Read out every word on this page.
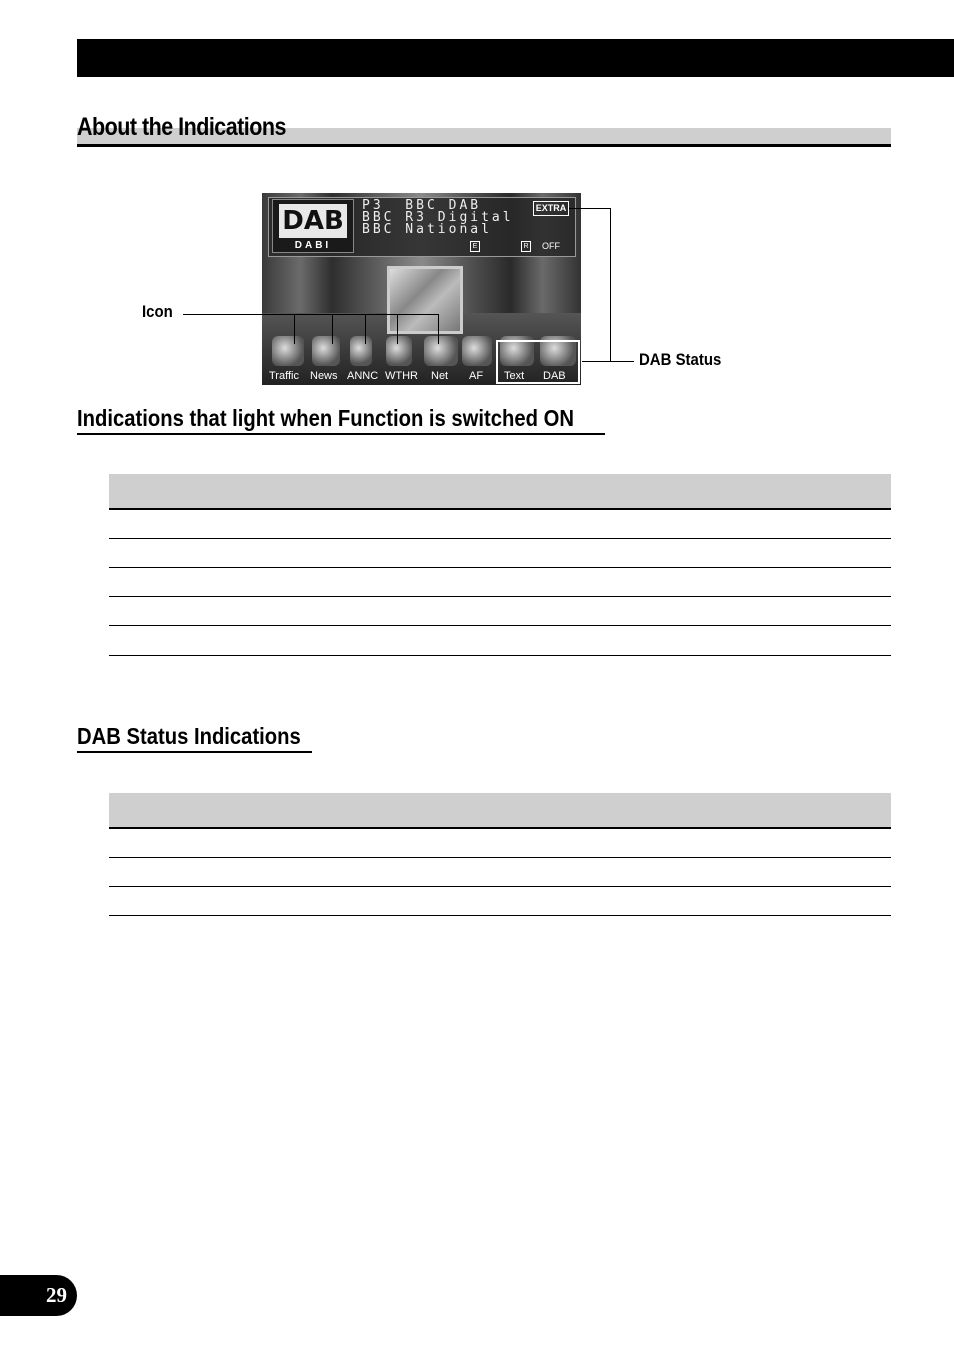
About the Indications
DAB
DABI
P3  BBC DAB
BBC R3 Digital
BBC National
EXTRA
E	R OFF
Traffic News ANNC WTHR Net AF Text DAB
Icon
DAB Status
Indications that light when Function is switched ON
DAB Status Indications
29
